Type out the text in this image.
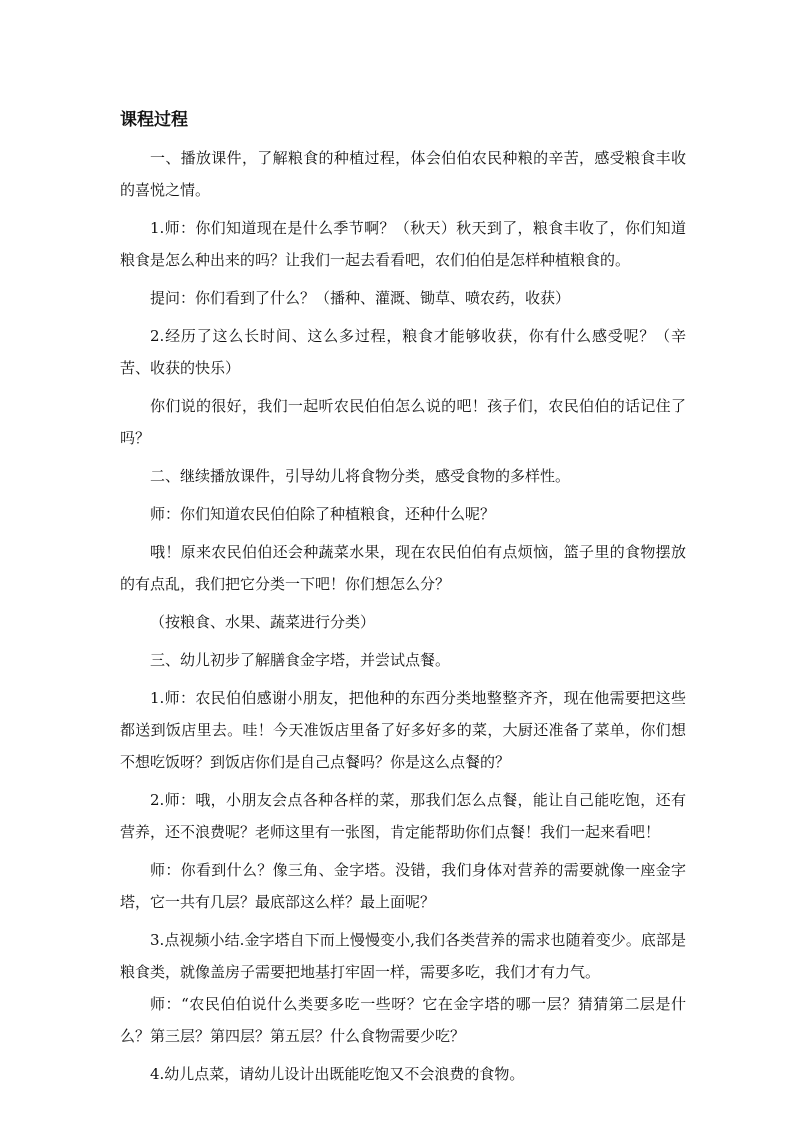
课程过程

一、播放课件，了解粮食的种植过程，体会伯伯农民种粮的辛苦，感受粮食丰收的喜悦之情。

1.师：你们知道现在是什么季节啊？（秋天）秋天到了，粮食丰收了，你们知道粮食是怎么种出来的吗？让我们一起去看看吧，农们伯伯是怎样种植粮食的。

提问：你们看到了什么？（播种、灌溉、锄草、喷农药，收获）

2.经历了这么长时间、这么多过程，粮食才能够收获，你有什么感受呢？（辛苦、收获的快乐）

你们说的很好，我们一起听农民伯伯怎么说的吧！孩子们，农民伯伯的话记住了吗？

二、继续播放课件，引导幼儿将食物分类，感受食物的多样性。

师：你们知道农民伯伯除了种植粮食，还种什么呢？

哦！原来农民伯伯还会种蔬菜水果，现在农民伯伯有点烦恼，篮子里的食物摆放的有点乱，我们把它分类一下吧！你们想怎么分？

（按粮食、水果、蔬菜进行分类）

三、幼儿初步了解膳食金字塔，并尝试点餐。

1.师：农民伯伯感谢小朋友，把他种的东西分类地整整齐齐，现在他需要把这些都送到饭店里去。哇！今天准饭店里备了好多好多的菜，大厨还准备了菜单，你们想不想吃饭呀？到饭店你们是自己点餐吗？你是这么点餐的？

2.师：哦，小朋友会点各种各样的菜，那我们怎么点餐，能让自己能吃饱，还有营养，还不浪费呢？老师这里有一张图，肯定能帮助你们点餐！我们一起来看吧！

师：你看到什么？像三角、金字塔。没错，我们身体对营养的需要就像一座金字塔，它一共有几层？最底部这么样？最上面呢？

3.点视频小结.金字塔自下而上慢慢变小,我们各类营养的需求也随着变少。底部是粮食类，就像盖房子需要把地基打牢固一样，需要多吃，我们才有力气。

师：“农民伯伯说什么类要多吃一些呀？它在金字塔的哪一层？猜猜第二层是什么？第三层？第四层？第五层？什么食物需要少吃？

4.幼儿点菜，请幼儿设计出既能吃饱又不会浪费的食物。
